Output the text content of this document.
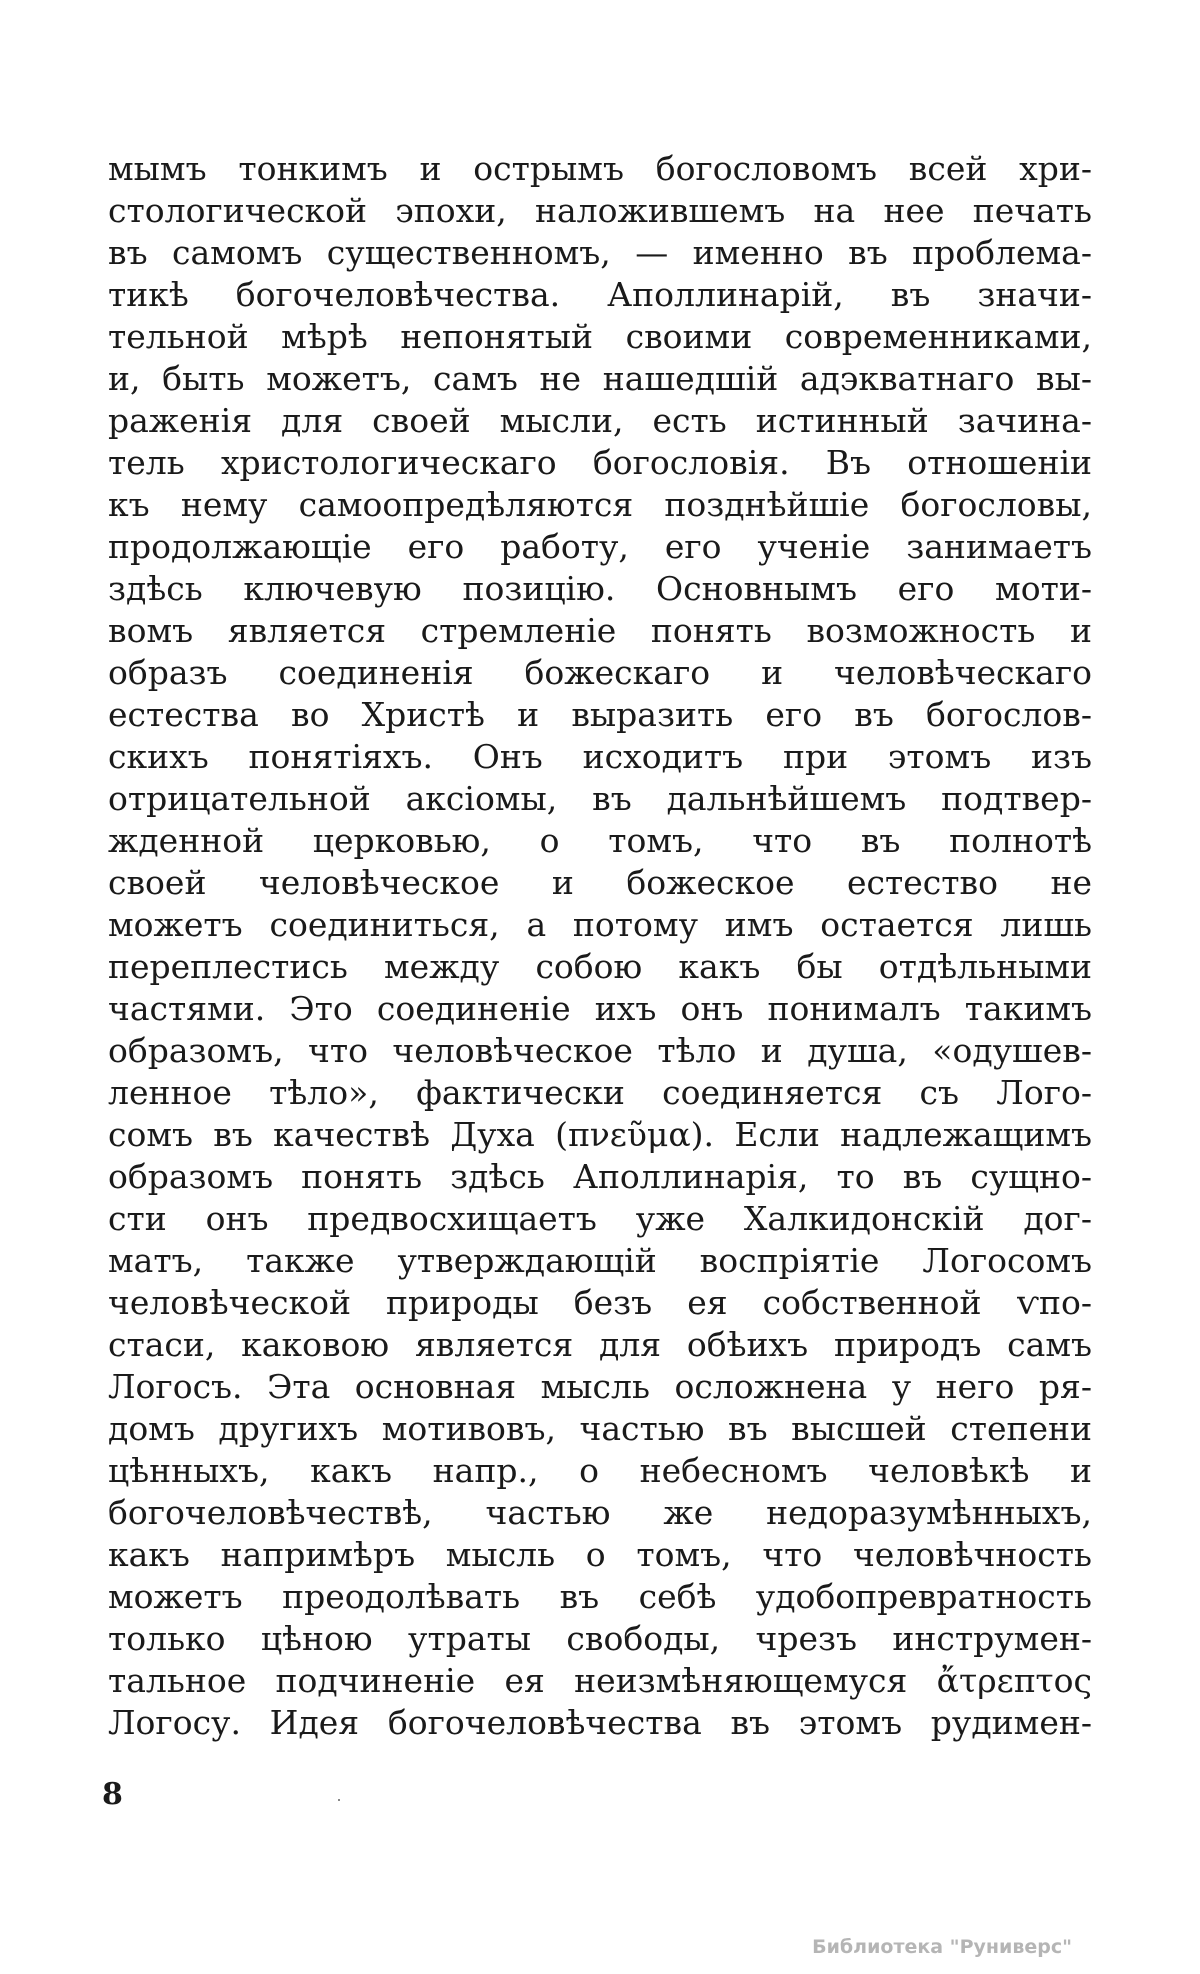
мымъ тонкимъ и острымъ богословомъ всей хри-
стологической эпохи, наложившемъ на нее печать
въ самомъ существенномъ, — именно въ проблема-
тикѣ богочеловѣчества. Аполлинарій, въ значи-
тельной мѣрѣ непонятый своими современниками,
и, быть можетъ, самъ не нашедшій адэкватнаго вы-
раженія для своей мысли, есть истинный зачина-
тель христологическаго богословія. Въ отношеніи
къ нему самоопредѣляются позднѣйшіе богословы,
продолжающіе его работу, его ученіе занимаетъ
здѣсь ключевую позицію. Основнымъ его моти-
вомъ является стремленіе понять возможность и
образъ соединенія божескаго и человѣческаго
естества во Христѣ и выразить его въ богослов-
скихъ понятіяхъ. Онъ исходитъ при этомъ изъ
отрицательной аксіомы, въ дальнѣйшемъ подтвер-
жденной церковью, о томъ, что въ полнотѣ
своей человѣческое и божеское естество не
можетъ соединиться, а потому имъ остается лишь
переплестись между собою какъ бы отдѣльными
частями. Это соединеніе ихъ онъ понималъ такимъ
образомъ, что человѣческое тѣло и душа, «одушев-
ленное тѣло», фактически соединяется съ Лого-
сомъ въ качествѣ Духа (πνεῦμα). Если надлежащимъ
образомъ понять здѣсь Аполлинарія, то въ сущно-
сти онъ предвосхищаетъ уже Халкидонскій дог-
матъ, также утверждающій воспріятіе Логосомъ
человѣческой природы безъ ея собственной ѵпо-
стаси, каковою является для обѣихъ природъ самъ
Логосъ. Эта основная мысль осложнена у него ря-
домъ другихъ мотивовъ, частью въ высшей степени
цѣнныхъ, какъ напр., о небесномъ человѣкѣ и
богочеловѣчествѣ, частью же недоразумѣнныхъ,
какъ напримѣръ мысль о томъ, что человѣчность
можетъ преодолѣвать въ себѣ удобопревратность
только цѣною утраты свободы, чрезъ инструмен-
тальное подчиненіе ея неизмѣняющемуся ἄτρεπτος
Логосу. Идея богочеловѣчества въ этомъ рудимен-
8
Библиотека "Руниверс"
